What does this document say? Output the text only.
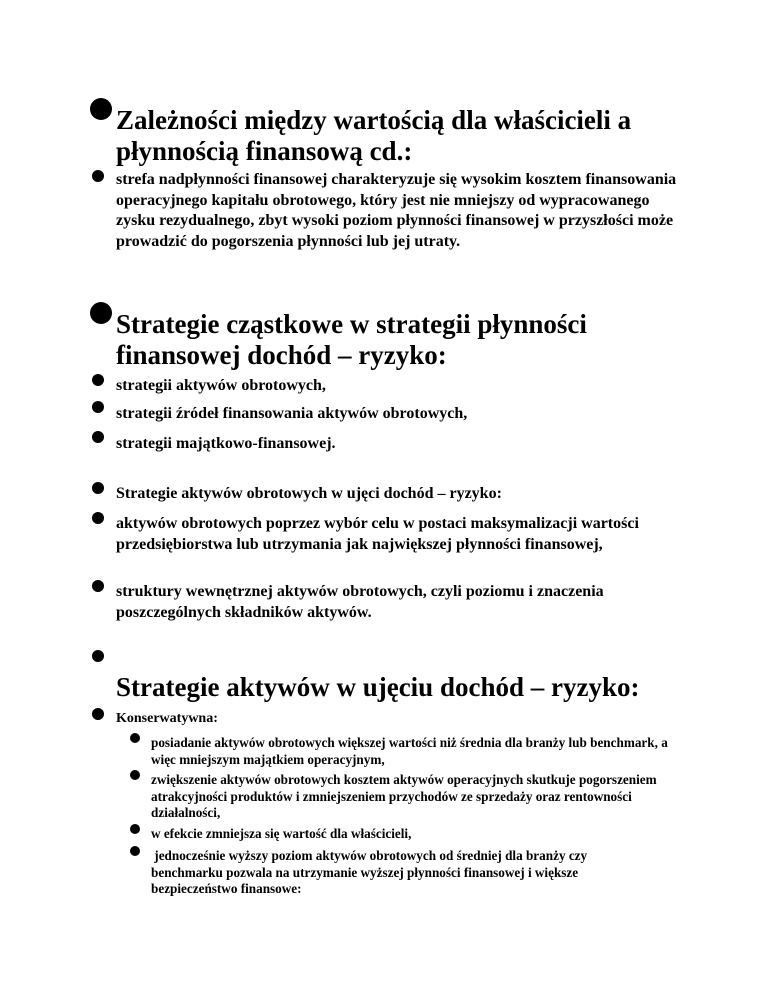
Zależności między wartością dla właścicieli a płynnością finansową cd.:
strefa nadpłynności finansowej charakteryzuje się wysokim kosztem finansowania operacyjnego kapitału obrotowego, który jest nie mniejszy od wypracowanego zysku rezydualnego, zbyt wysoki poziom płynności finansowej w przyszłości może prowadzić do pogorszenia płynności lub jej utraty.
Strategie cząstkowe w strategii płynności finansowej dochód – ryzyko:
strategii aktywów obrotowych,
strategii źródeł finansowania aktywów obrotowych,
strategii majątkowo-finansowej.
Strategie aktywów obrotowych w ujęci dochód – ryzyko:
aktywów obrotowych poprzez wybór celu w postaci maksymalizacji wartości przedsiębiorstwa lub utrzymania jak największej płynności finansowej,
struktury wewnętrznej aktywów obrotowych, czyli poziomu i znaczenia poszczególnych składników aktywów.
Strategie aktywów w ujęciu dochód – ryzyko:
Konserwatywna:
posiadanie aktywów obrotowych większej wartości niż średnia dla branży lub benchmark, a więc mniejszym majątkiem operacyjnym,
zwiększenie aktywów obrotowych kosztem aktywów operacyjnych skutkuje pogorszeniem atrakcyjności produktów i zmniejszeniem przychodów ze sprzedaży oraz rentowności działalności,
w efekcie zmniejsza się wartość dla właścicieli,
jednocześnie wyższy poziom aktywów obrotowych od średniej dla branży czy benchmarku pozwala na utrzymanie wyższej płynności finansowej i większe bezpieczeństwo finansowe:
